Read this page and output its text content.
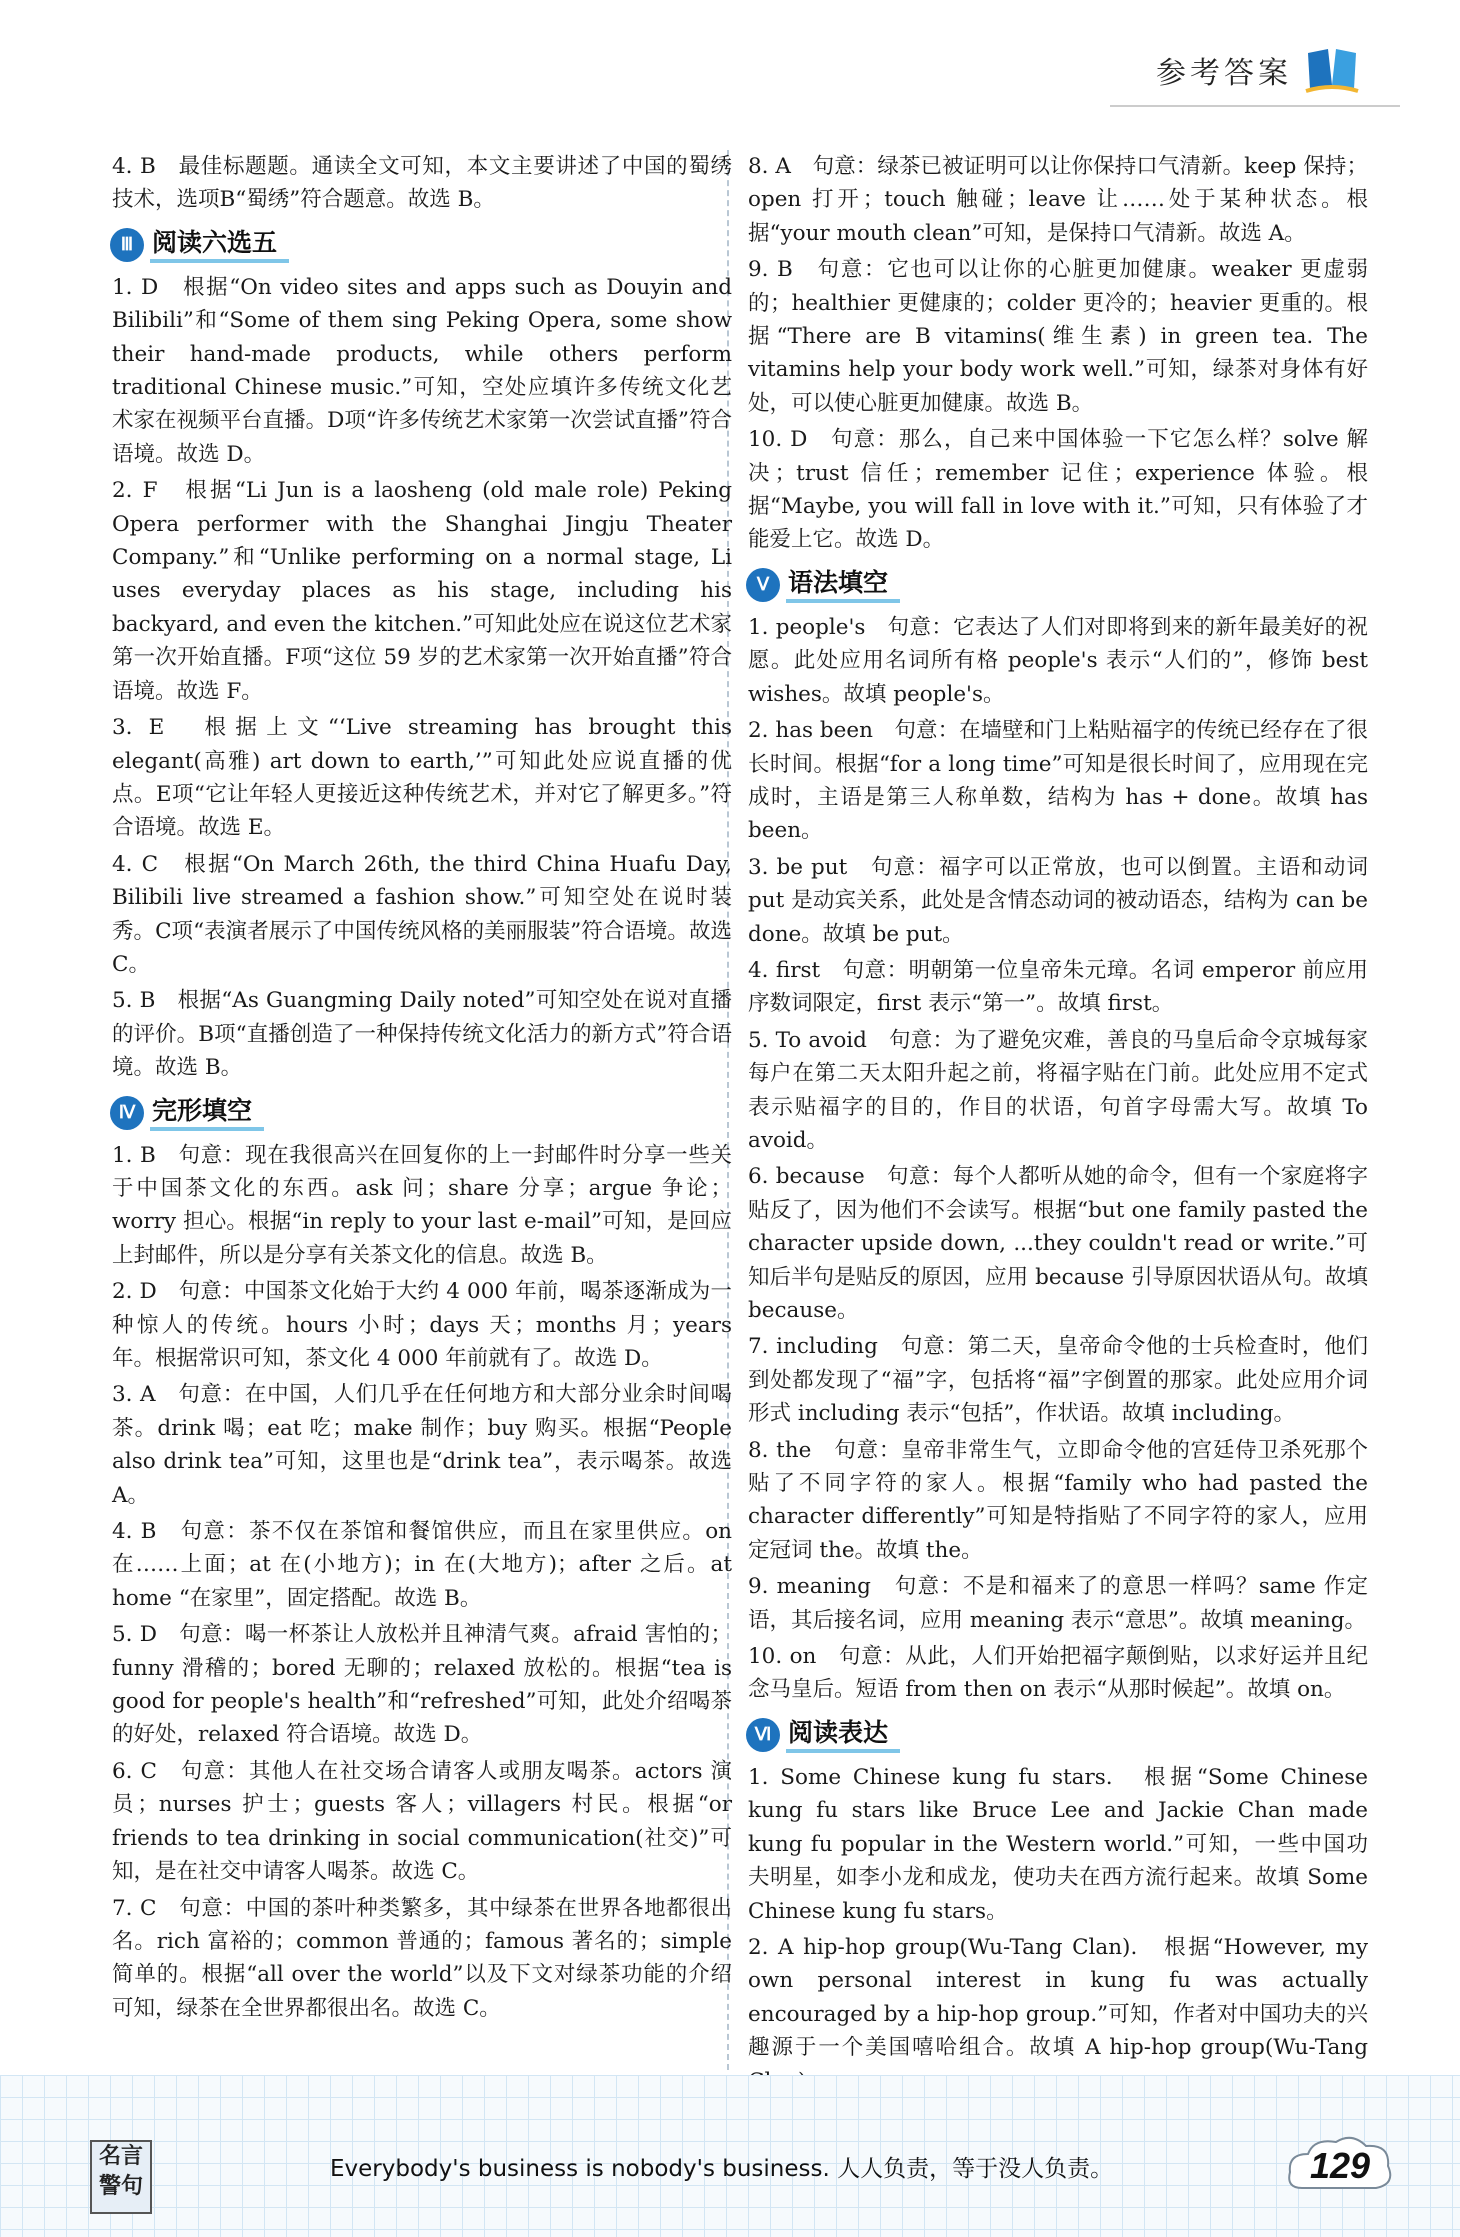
参考答案

4. B　最佳标题题。通读全文可知，本文主要讲述了中国的蜀绣技术，选项B“蜀绣”符合题意。故选 B。

Ⅲ 阅读六选五

1. D　根据“On video sites and apps such as Douyin and Bilibili”和“Some of them sing Peking Opera, some show their hand-made products, while others perform traditional Chinese music.”可知，空处应填许多传统文化艺术家在视频平台直播。D项“许多传统艺术家第一次尝试直播”符合语境。故选 D。

2. F　根据“Li Jun is a laosheng (old male role) Peking Opera performer with the Shanghai Jingju Theater Company.”和“Unlike performing on a normal stage, Li uses everyday places as his stage, including his backyard, and even the kitchen.”可知此处应在说这位艺术家第一次开始直播。F项“这位 59 岁的艺术家第一次开始直播”符合语境。故选 F。

3. E　根据上文“‘Live streaming has brought this elegant(高雅) art down to earth,’”可知此处应说直播的优点。E项“它让年轻人更接近这种传统艺术，并对它了解更多。”符合语境。故选 E。

4. C　根据“On March 26th, the third China Huafu Day, Bilibili live streamed a fashion show.”可知空处在说时装秀。C项“表演者展示了中国传统风格的美丽服装”符合语境。故选 C。

5. B　根据“As Guangming Daily noted”可知空处在说对直播的评价。B项“直播创造了一种保持传统文化活力的新方式”符合语境。故选 B。

Ⅳ 完形填空

1. B　句意：现在我很高兴在回复你的上一封邮件时分享一些关于中国茶文化的东西。ask 问；share 分享；argue 争论；worry 担心。根据“in reply to your last e-mail”可知，是回应上封邮件，所以是分享有关茶文化的信息。故选 B。

2. D　句意：中国茶文化始于大约 4 000 年前，喝茶逐渐成为一种惊人的传统。hours 小时；days 天；months 月；years 年。根据常识可知，茶文化 4 000 年前就有了。故选 D。

3. A　句意：在中国，人们几乎在任何地方和大部分业余时间喝茶。drink 喝；eat 吃；make 制作；buy 购买。根据“People also drink tea”可知，这里也是“drink tea”，表示喝茶。故选 A。

4. B　句意：茶不仅在茶馆和餐馆供应，而且在家里供应。on 在……上面；at 在(小地方)；in 在(大地方)；after 之后。at home “在家里”，固定搭配。故选 B。

5. D　句意：喝一杯茶让人放松并且神清气爽。afraid 害怕的；funny 滑稽的；bored 无聊的；relaxed 放松的。根据“tea is good for people's health”和“refreshed”可知，此处介绍喝茶的好处，relaxed 符合语境。故选 D。

6. C　句意：其他人在社交场合请客人或朋友喝茶。actors 演员；nurses 护士；guests 客人；villagers 村民。根据“or friends to tea drinking in social communication(社交)”可知，是在社交中请客人喝茶。故选 C。

7. C　句意：中国的茶叶种类繁多，其中绿茶在世界各地都很出名。rich 富裕的；common 普通的；famous 著名的；simple 简单的。根据“all over the world”以及下文对绿茶功能的介绍可知，绿茶在全世界都很出名。故选 C。

8. A　句意：绿茶已被证明可以让你保持口气清新。keep 保持；open 打开；touch 触碰；leave 让……处于某种状态。根据“your mouth clean”可知，是保持口气清新。故选 A。

9. B　句意：它也可以让你的心脏更加健康。weaker 更虚弱的；healthier 更健康的；colder 更冷的；heavier 更重的。根据“There are B vitamins(维生素) in green tea. The vitamins help your body work well.”可知，绿茶对身体有好处，可以使心脏更加健康。故选 B。

10. D　句意：那么，自己来中国体验一下它怎么样？solve 解决；trust 信任；remember 记住；experience 体验。根据“Maybe, you will fall in love with it.”可知，只有体验了才能爱上它。故选 D。

Ⅴ 语法填空

1. people's　句意：它表达了人们对即将到来的新年最美好的祝愿。此处应用名词所有格 people's 表示“人们的”，修饰 best wishes。故填 people's。

2. has been　句意：在墙壁和门上粘贴福字的传统已经存在了很长时间。根据“for a long time”可知是很长时间了，应用现在完成时，主语是第三人称单数，结构为 has + done。故填 has been。

3. be put　句意：福字可以正常放，也可以倒置。主语和动词 put 是动宾关系，此处是含情态动词的被动语态，结构为 can be done。故填 be put。

4. first　句意：明朝第一位皇帝朱元璋。名词 emperor 前应用序数词限定，first 表示“第一”。故填 first。

5. To avoid　句意：为了避免灾难，善良的马皇后命令京城每家每户在第二天太阳升起之前，将福字贴在门前。此处应用不定式表示贴福字的目的，作目的状语，句首字母需大写。故填 To avoid。

6. because　句意：每个人都听从她的命令，但有一个家庭将字贴反了，因为他们不会读写。根据“but one family pasted the character upside down, ...they couldn't read or write.”可知后半句是贴反的原因，应用 because 引导原因状语从句。故填 because。

7. including　句意：第二天，皇帝命令他的士兵检查时，他们到处都发现了“福”字，包括将“福”字倒置的那家。此处应用介词形式 including 表示“包括”，作状语。故填 including。

8. the　句意：皇帝非常生气，立即命令他的宫廷侍卫杀死那个贴了不同字符的家人。根据“family who had pasted the character differently”可知是特指贴了不同字符的家人，应用定冠词 the。故填 the。

9. meaning　句意：不是和福来了的意思一样吗？same 作定语，其后接名词，应用 meaning 表示“意思”。故填 meaning。

10. on　句意：从此，人们开始把福字颠倒贴，以求好运并且纪念马皇后。短语 from then on 表示“从那时候起”。故填 on。

Ⅵ 阅读表达

1. Some Chinese kung fu stars.　根据“Some Chinese kung fu stars like Bruce Lee and Jackie Chan made kung fu popular in the Western world.”可知，一些中国功夫明星，如李小龙和成龙，使功夫在西方流行起来。故填 Some Chinese kung fu stars。

2. A hip-hop group(Wu-Tang Clan).　根据“However, my own personal interest in kung fu was actually encouraged by a hip-hop group.”可知，作者对中国功夫的兴趣源于一个美国嘻哈组合。故填 A hip-hop group(Wu-Tang

名言
警句
Everybody's business is nobody's business. 人人负责，等于没人负责。	129
